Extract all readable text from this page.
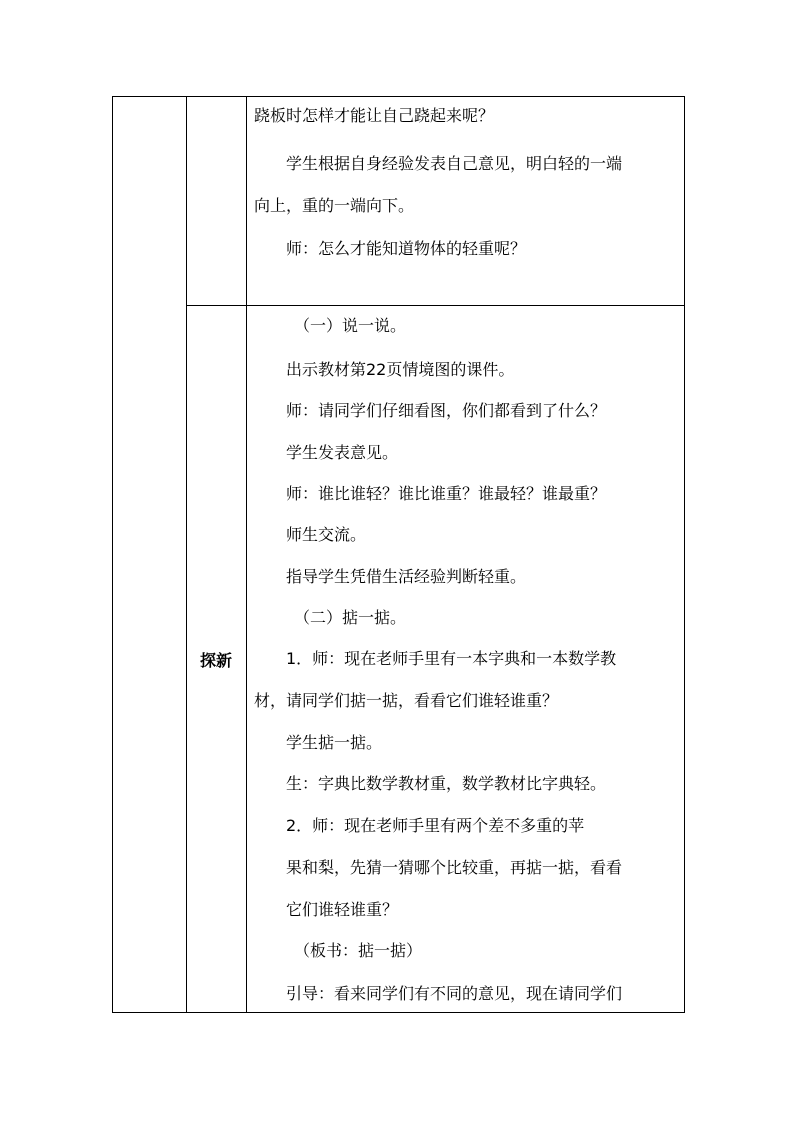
探新
跷板时怎样才能让自己跷起来呢？
学生根据自身经验发表自己意见，明白轻的一端
向上，重的一端向下。
师：怎么才能知道物体的轻重呢？
（一）说一说。
出示教材第22页情境图的课件。
师：请同学们仔细看图，你们都看到了什么？
学生发表意见。
师：谁比谁轻？谁比谁重？谁最轻？谁最重？
师生交流。
指导学生凭借生活经验判断轻重。
（二）掂一掂。
1．师：现在老师手里有一本字典和一本数学教
材，请同学们掂一掂，看看它们谁轻谁重？
学生掂一掂。
生：字典比数学教材重，数学教材比字典轻。
2．师：现在老师手里有两个差不多重的苹
果和梨，先猜一猜哪个比较重，再掂一掂，看看
它们谁轻谁重？
（板书：掂一掂）
引导：看来同学们有不同的意见，现在请同学们
